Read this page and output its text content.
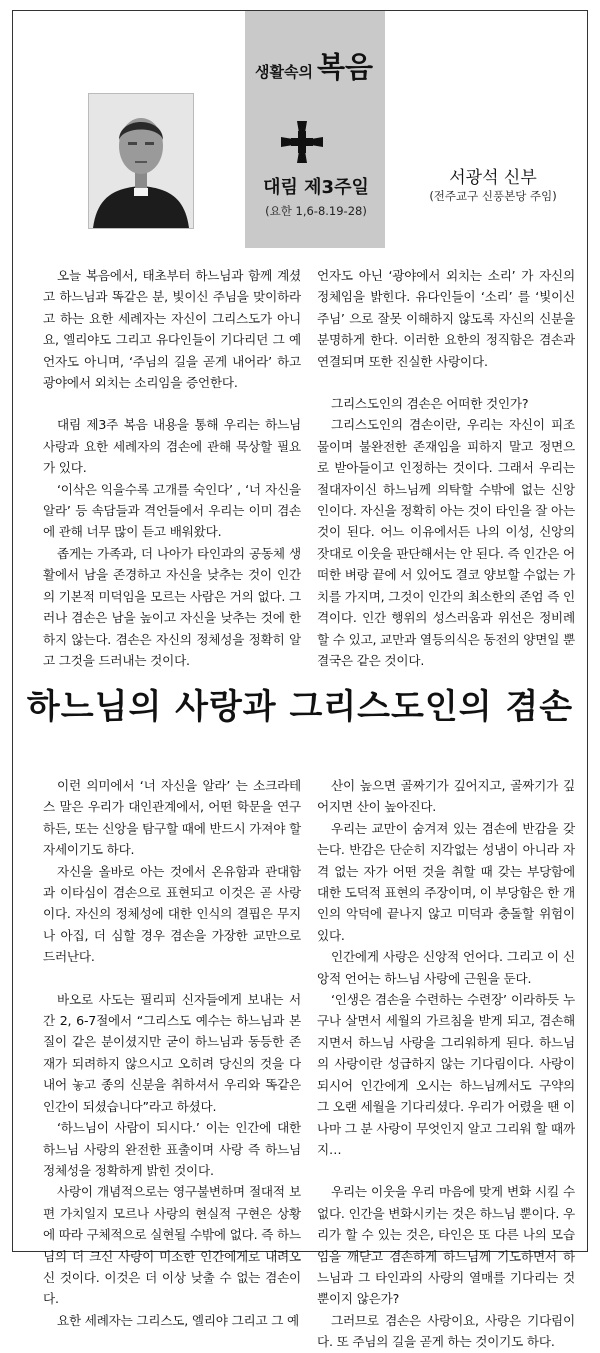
생활속의 복음
대림 제3주일
(요한 1,6-8.19-28)
서광석 신부
(전주교구 신풍본당 주임)

오늘 복음에서, 태초부터 하느님과 함께 계셨고 하느님과 똑같은 분, 빛이신 주님을 맞이하라고 하는 요한 세례자는 자신이 그리스도가 아니요, 엘리야도 그리고 유다인들이 기다리던 그 예언자도 아니며, ‘주님의 길을 곧게 내어라’ 하고 광야에서 외치는 소리임을 증언한다.

대림 제3주 복음 내용을 통해 우리는 하느님 사랑과 요한 세례자의 겸손에 관해 묵상할 필요가 있다.

‘이삭은 익을수록 고개를 숙인다’ , ‘너 자신을 알라’ 등 속담들과 격언들에서 우리는 이미 겸손에 관해 너무 많이 듣고 배워왔다.

좁게는 가족과, 더 나아가 타인과의 공동체 생활에서 남을 존경하고 자신을 낮추는 것이 인간의 기본적 미덕임을 모르는 사람은 거의 없다. 그러나 겸손은 남을 높이고 자신을 낮추는 것에 한하지 않는다. 겸손은 자신의 정체성을 정확히 알고 그것을 드러내는 것이다.

언자도 아닌 ‘광야에서 외치는 소리’ 가 자신의 정체임을 밝힌다. 유다인들이 ‘소리’ 를 ‘빛이신 주님’ 으로 잘못 이해하지 않도록 자신의 신분을 분명하게 한다. 이러한 요한의 정직함은 겸손과 연결되며 또한 진실한 사랑이다.

그리스도인의 겸손은 어떠한 것인가?

그리스도인의 겸손이란, 우리는 자신이 피조물이며 불완전한 존재임을 피하지 말고 정면으로 받아들이고 인정하는 것이다. 그래서 우리는 절대자이신 하느님께 의탁할 수밖에 없는 신앙인이다. 자신을 정확히 아는 것이 타인을 잘 아는 것이 된다. 어느 이유에서든 나의 이성, 신앙의 잣대로 이웃을 판단해서는 안 된다. 즉 인간은 어떠한 벼랑 끝에 서 있어도 결코 양보할 수없는 가치를 가지며, 그것이 인간의 최소한의 존엄 즉 인격이다. 인간 행위의 성스러움과 위선은 정비례할 수 있고, 교만과 열등의식은 동전의 양면일 뿐 결국은 같은 것이다.

하느님의 사랑과 그리스도인의 겸손

이런 의미에서 ‘너 자신을 알라’ 는 소크라테스 말은 우리가 대인관계에서, 어떤 학문을 연구하든, 또는 신앙을 탐구할 때에 반드시 가져야 할 자세이기도 하다.

자신을 올바로 아는 것에서 온유함과 관대함과 이타심이 겸손으로 표현되고 이것은 곧 사랑이다. 자신의 정체성에 대한 인식의 결핍은 무지나 아집, 더 심할 경우 겸손을 가장한 교만으로 드러난다.

바오로 사도는 필리피 신자들에게 보내는 서간 2, 6-7절에서 “그리스도 예수는 하느님과 본질이 같은 분이셨지만 굳이 하느님과 동등한 존재가 되려하지 않으시고 오히려 당신의 것을 다 내어 놓고 종의 신분을 취하셔서 우리와 똑같은 인간이 되셨습니다”라고 하셨다.

‘하느님이 사람이 되시다.’ 이는 인간에 대한 하느님 사랑의 완전한 표출이며 사랑 즉 하느님 정체성을 정확하게 밝힌 것이다.

사랑이 개념적으로는 영구불변하며 절대적 보편 가치일지 모르나 사랑의 현실적 구현은 상황에 따라 구체적으로 실현될 수밖에 없다. 즉 하느님의 더 크신 사랑이 미소한 인간에게로 내려오신 것이다. 이것은 더 이상 낮출 수 없는 겸손이다.

요한 세례자는 그리스도, 엘리야 그리고 그 예

산이 높으면 골짜기가 깊어지고, 골짜기가 깊어지면 산이 높아진다.

우리는 교만이 숨겨져 있는 겸손에 반감을 갖는다. 반감은 단순히 지각없는 성냄이 아니라 자격 없는 자가 어떤 것을 취할 때 갖는 부당함에 대한 도덕적 표현의 주장이며, 이 부당함은 한 개인의 악덕에 끝나지 않고 미덕과 충돌할 위험이 있다.

인간에게 사랑은 신앙적 언어다. 그리고 이 신앙적 언어는 하느님 사랑에 근원을 둔다.

‘인생은 겸손을 수련하는 수련장’ 이라하듯 누구나 살면서 세월의 가르침을 받게 되고, 겸손해지면서 하느님 사랑을 그리워하게 된다. 하느님의 사랑이란 성급하지 않는 기다림이다. 사랑이 되시어 인간에게 오시는 하느님께서도 구약의 그 오랜 세월을 기다리셨다. 우리가 어렸을 땐 이나마 그 분 사랑이 무엇인지 알고 그리워 할 때까지…

우리는 이웃을 우리 마음에 맞게 변화 시킬 수 없다. 인간을 변화시키는 것은 하느님 뿐이다. 우리가 할 수 있는 것은, 타인은 또 다른 나의 모습임을 깨닫고 겸손하게 하느님께 기도하면서 하느님과 그 타인과의 사랑의 열매를 기다리는 것뿐이지 않은가?

그러므로 겸손은 사랑이요, 사랑은 기다림이다. 또 주님의 길을 곧게 하는 것이기도 하다.
